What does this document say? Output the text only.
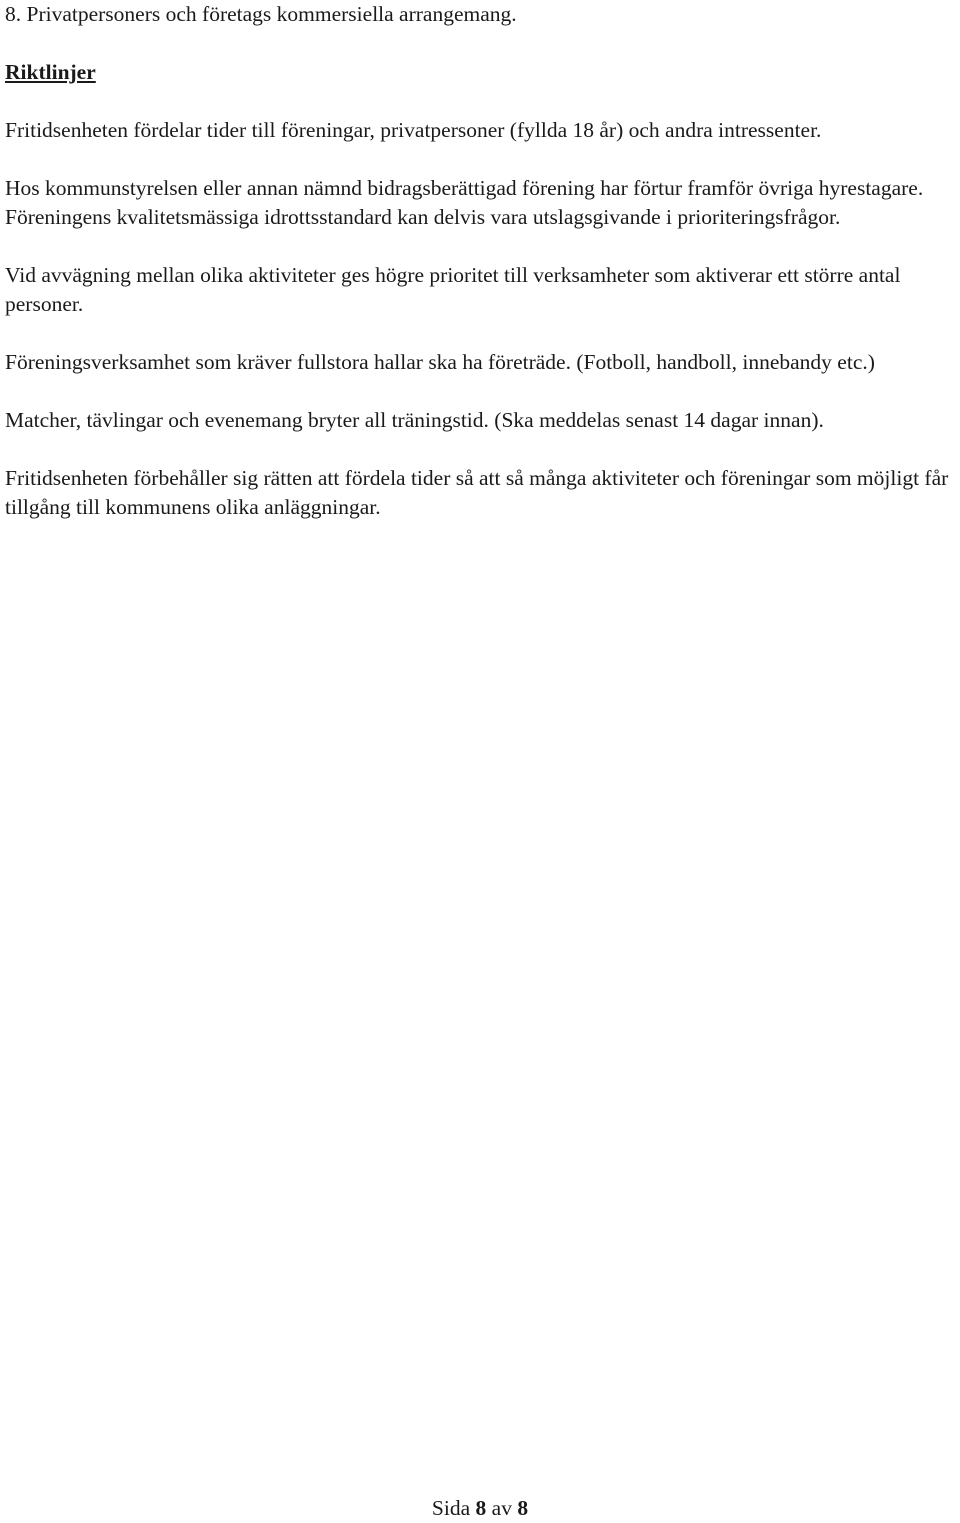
8. Privatpersoners och företags kommersiella arrangemang.

Riktlinjer

Fritidsenheten fördelar tider till föreningar, privatpersoner (fyllda 18 år) och andra intressenter.

Hos kommunstyrelsen eller annan nämnd bidragsberättigad förening har förtur framför övriga hyrestagare. Föreningens kvalitetsmässiga idrottsstandard kan delvis vara utslagsgivande i prioriteringsfrågor.

Vid avvägning mellan olika aktiviteter ges högre prioritet till verksamheter som aktiverar ett större antal personer.

Föreningsverksamhet som kräver fullstora hallar ska ha företräde. (Fotboll, handboll, innebandy etc.)

Matcher, tävlingar och evenemang bryter all träningstid. (Ska meddelas senast 14 dagar innan).

Fritidsenheten förbehåller sig rätten att fördela tider så att så många aktiviteter och föreningar som möjligt får tillgång till kommunens olika anläggningar.

Sida 8 av 8
